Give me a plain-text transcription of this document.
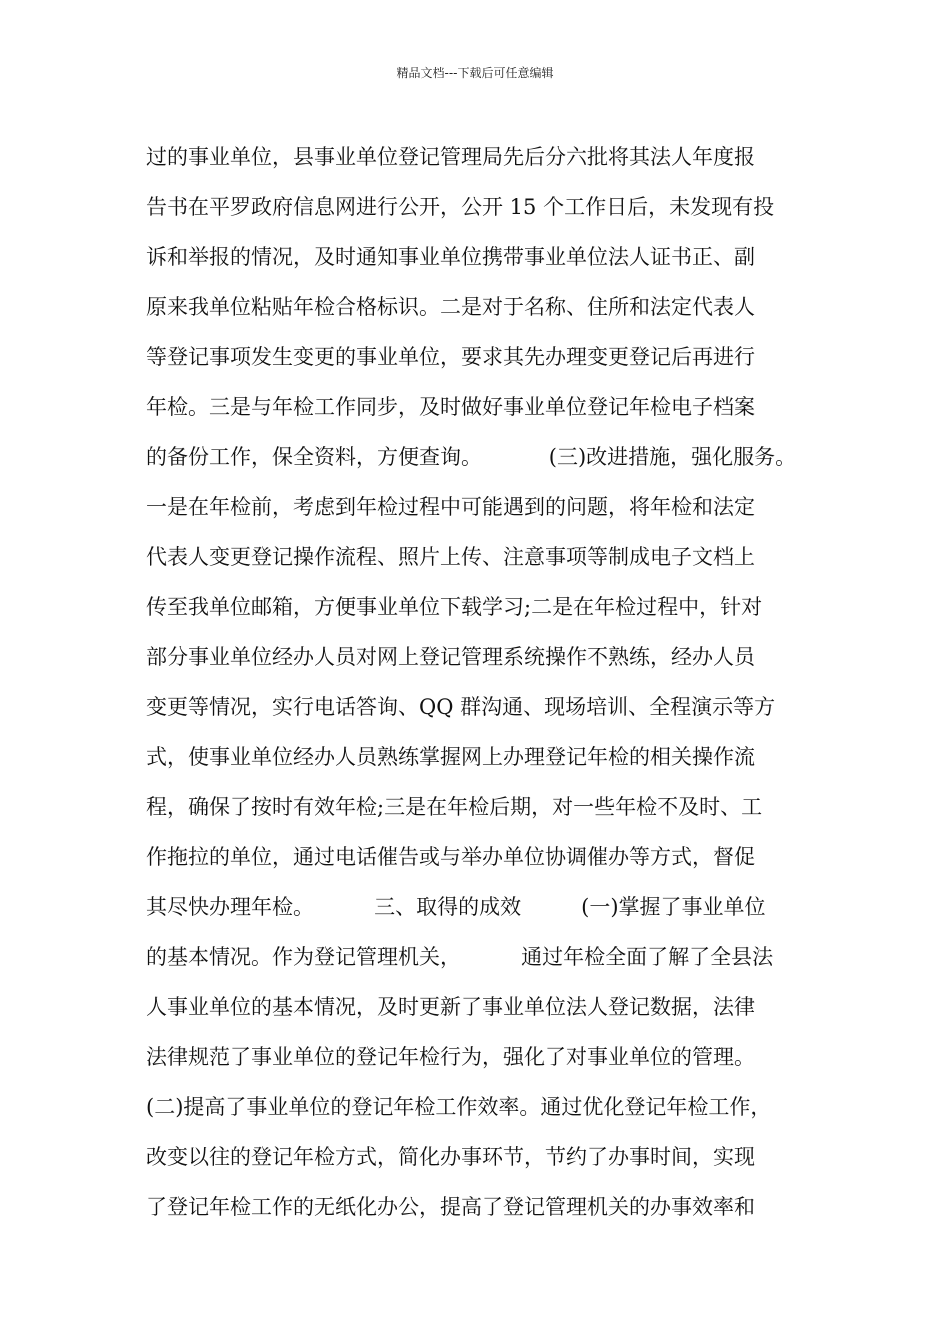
精品文档---下载后可任意编辑
过的事业单位，县事业单位登记管理局先后分六批将其法人年度报
告书在平罗政府信息网进行公开，公开 15 个工作日后，未发现有投
诉和举报的情况，及时通知事业单位携带事业单位法人证书正、副
原来我单位粘贴年检合格标识。二是对于名称、住所和法定代表人
等登记事项发生变更的事业单位，要求其先办理变更登记后再进行
年检。三是与年检工作同步，及时做好事业单位登记年检电子档案
的备份工作，保全资料，方便查询。          (三)改进措施，强化服务。
一是在年检前，考虑到年检过程中可能遇到的问题，将年检和法定
代表人变更登记操作流程、照片上传、注意事项等制成电子文档上
传至我单位邮箱，方便事业单位下载学习;二是在年检过程中，针对
部分事业单位经办人员对网上登记管理系统操作不熟练，经办人员
变更等情况，实行电话答询、QQ 群沟通、现场培训、全程演示等方
式，使事业单位经办人员熟练掌握网上办理登记年检的相关操作流
程，确保了按时有效年检;三是在年检后期，对一些年检不及时、工
作拖拉的单位，通过电话催告或与举办单位协调催办等方式，督促
其尽快办理年检。         三、取得的成效         (一)掌握了事业单位
的基本情况。作为登记管理机关，         通过年检全面了解了全县法
人事业单位的基本情况，及时更新了事业单位法人登记数据，法律
法律规范了事业单位的登记年检行为，强化了对事业单位的管理。
(二)提高了事业单位的登记年检工作效率。通过优化登记年检工作，
改变以往的登记年检方式，简化办事环节，节约了办事时间，实现
了登记年检工作的无纸化办公，提高了登记管理机关的办事效率和
